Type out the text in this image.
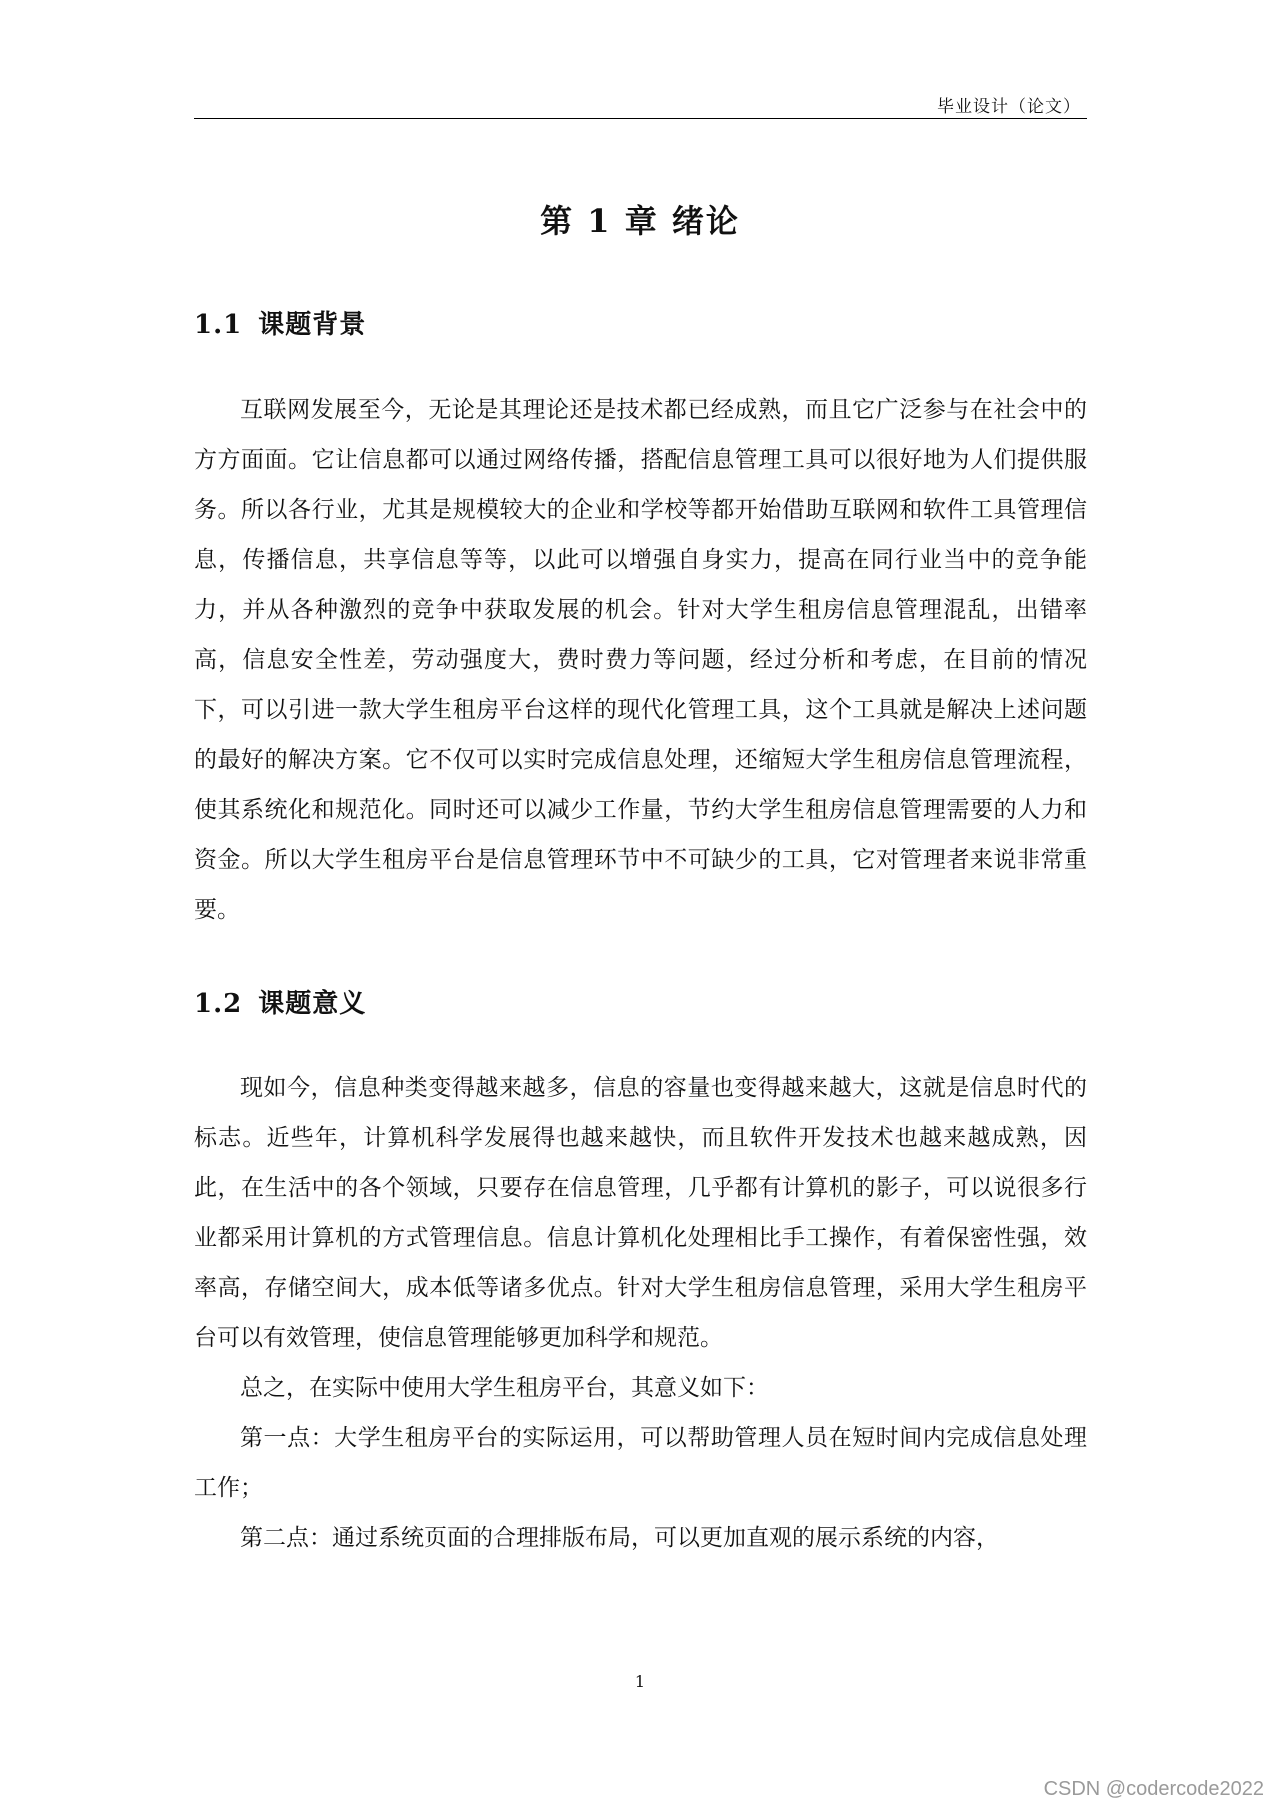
毕业设计（论文）
第 1 章 绪论
1.1 课题背景

互联网发展至今，无论是其理论还是技术都已经成熟，而且它广泛参与在社会中的方方面面。它让信息都可以通过网络传播，搭配信息管理工具可以很好地为人们提供服务。所以各行业，尤其是规模较大的企业和学校等都开始借助互联网和软件工具管理信息，传播信息，共享信息等等，以此可以增强自身实力，提高在同行业当中的竞争能力，并从各种激烈的竞争中获取发展的机会。针对大学生租房信息管理混乱，出错率高，信息安全性差，劳动强度大，费时费力等问题，经过分析和考虑，在目前的情况下，可以引进一款大学生租房平台这样的现代化管理工具，这个工具就是解决上述问题的最好的解决方案。它不仅可以实时完成信息处理，还缩短大学生租房信息管理流程，使其系统化和规范化。同时还可以减少工作量，节约大学生租房信息管理需要的人力和资金。所以大学生租房平台是信息管理环节中不可缺少的工具，它对管理者来说非常重要。

1.2 课题意义

现如今，信息种类变得越来越多，信息的容量也变得越来越大，这就是信息时代的标志。近些年，计算机科学发展得也越来越快，而且软件开发技术也越来越成熟，因此，在生活中的各个领域，只要存在信息管理，几乎都有计算机的影子，可以说很多行业都采用计算机的方式管理信息。信息计算机化处理相比手工操作，有着保密性强，效率高，存储空间大，成本低等诸多优点。针对大学生租房信息管理，采用大学生租房平台可以有效管理，使信息管理能够更加科学和规范。

总之，在实际中使用大学生租房平台，其意义如下：

第一点：大学生租房平台的实际运用，可以帮助管理人员在短时间内完成信息处理工作；

第二点：通过系统页面的合理排版布局，可以更加直观的展示系统的内容，

1
CSDN @codercode2022
